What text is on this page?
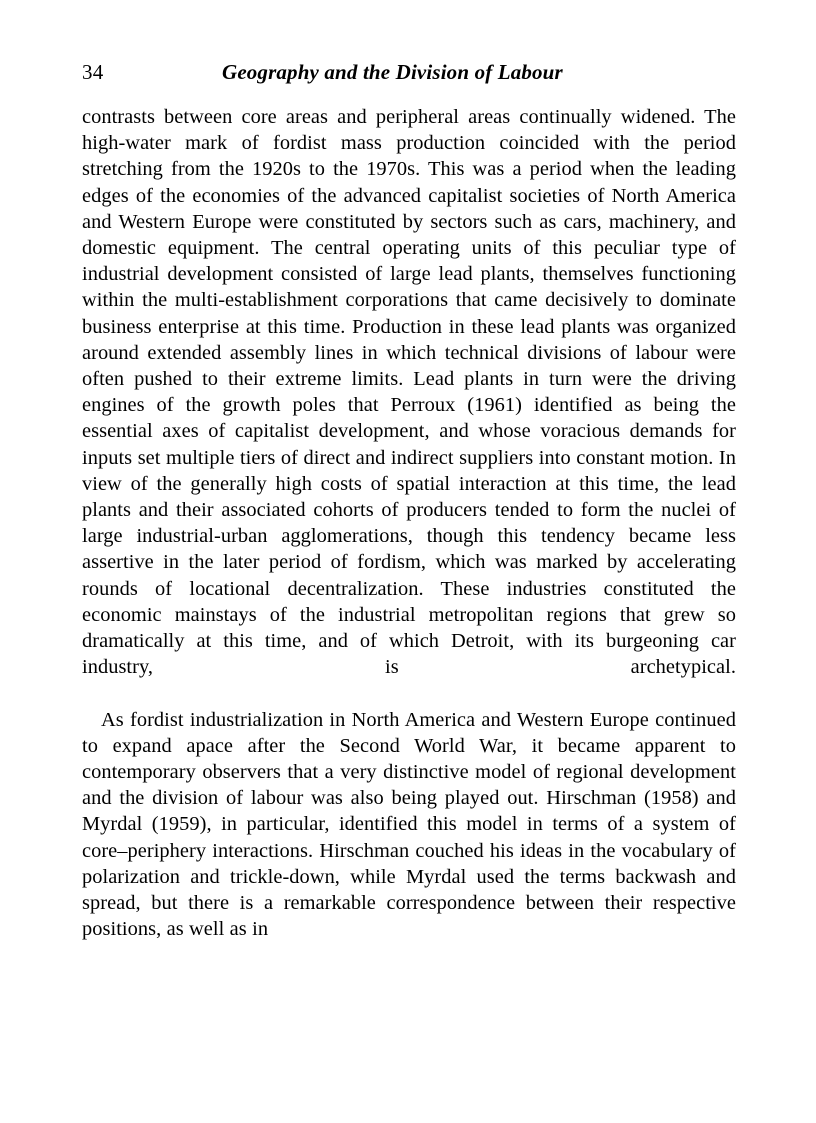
34	Geography and the Division of Labour

contrasts between core areas and peripheral areas continually widened. The high-water mark of fordist mass production coincided with the period stretching from the 1920s to the 1970s. This was a period when the leading edges of the economies of the advanced capitalist societies of North America and Western Europe were constituted by sectors such as cars, machinery, and domestic equipment. The central operating units of this peculiar type of industrial development consisted of large lead plants, themselves functioning within the multi-establishment corporations that came decisively to dominate business enterprise at this time. Production in these lead plants was organized around extended assembly lines in which technical divisions of labour were often pushed to their extreme limits. Lead plants in turn were the driving engines of the growth poles that Perroux (1961) identified as being the essential axes of capitalist development, and whose voracious demands for inputs set multiple tiers of direct and indirect suppliers into constant motion. In view of the generally high costs of spatial interaction at this time, the lead plants and their associated cohorts of producers tended to form the nuclei of large industrial-urban agglomerations, though this tendency became less assertive in the later period of fordism, which was marked by accelerating rounds of locational decentralization. These industries constituted the economic mainstays of the industrial metropolitan regions that grew so dramatically at this time, and of which Detroit, with its burgeoning car industry, is archetypical.

As fordist industrialization in North America and Western Europe continued to expand apace after the Second World War, it became apparent to contemporary observers that a very distinctive model of regional development and the division of labour was also being played out. Hirschman (1958) and Myrdal (1959), in particular, identified this model in terms of a system of core–periphery interactions. Hirschman couched his ideas in the vocabulary of polarization and trickle-down, while Myrdal used the terms backwash and spread, but there is a remarkable correspondence between their respective positions, as well as in
